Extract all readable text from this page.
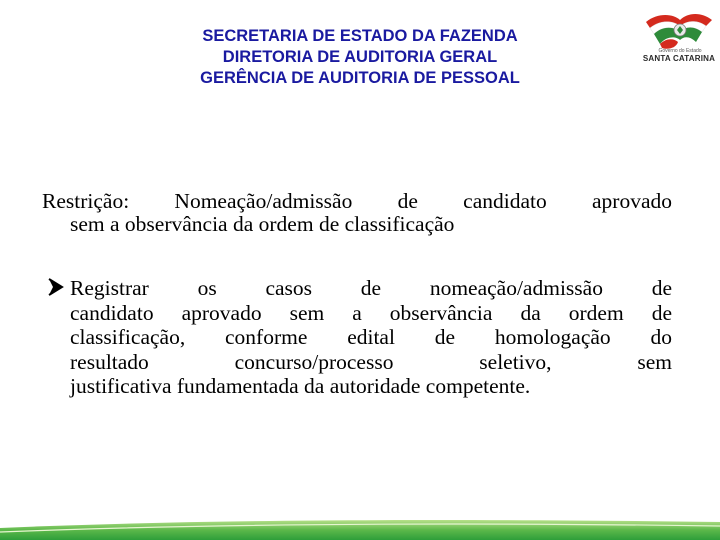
SECRETARIA DE ESTADO DA FAZENDA
DIRETORIA DE AUDITORIA GERAL
GERÊNCIA DE AUDITORIA DE PESSOAL
Governo do Estado
SANTA CATARINA
Restrição: Nomeação/admissão de candidato aprovado
sem a observância da ordem de classificação
Registrar os casos de nomeação/admissão de
candidato aprovado sem a observância da ordem de
classificação, conforme edital de homologação do
resultado concurso/processo seletivo, sem
justificativa fundamentada da autoridade competente.
